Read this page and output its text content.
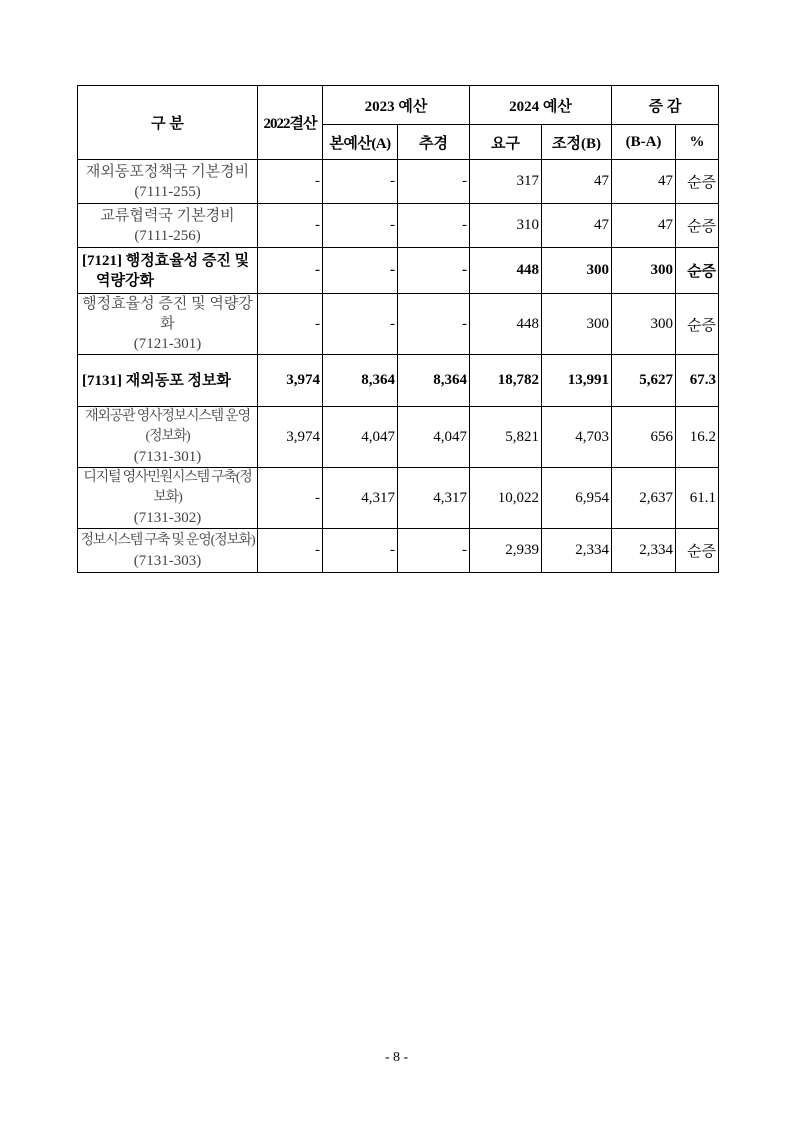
구 분	2022결산	2023 예산		2024 예산		증 감	
		본예산(A)	추경	요구	조정(B)	(B-A)	%

재외동포정책국 기본경비
(7111-255)	-	-	-	317	47	47	순증

교류협력국 기본경비
(7111-256)	-	-	-	310	47	47	순증

[7121] 행정효율성 증진 및
역량강화	-	-	-	448	300	300	순증

행정효율성 증진 및 역량강화
(7121-301)	-	-	-	448	300	300	순증

[7131] 재외동포 정보화	3,974	8,364	8,364	18,782	13,991	5,627	67.3

재외공관 영사정보시스템 운영(정보화)
(7131-301)	3,974	4,047	4,047	5,821	4,703	656	16.2

디지털 영사민원시스템 구축(정보화)
(7131-302)	-	4,317	4,317	10,022	6,954	2,637	61.1

정보시스템 구축 및 운영(정보화)
(7131-303)	-	-	-	2,939	2,334	2,334	순증
- 8 -
